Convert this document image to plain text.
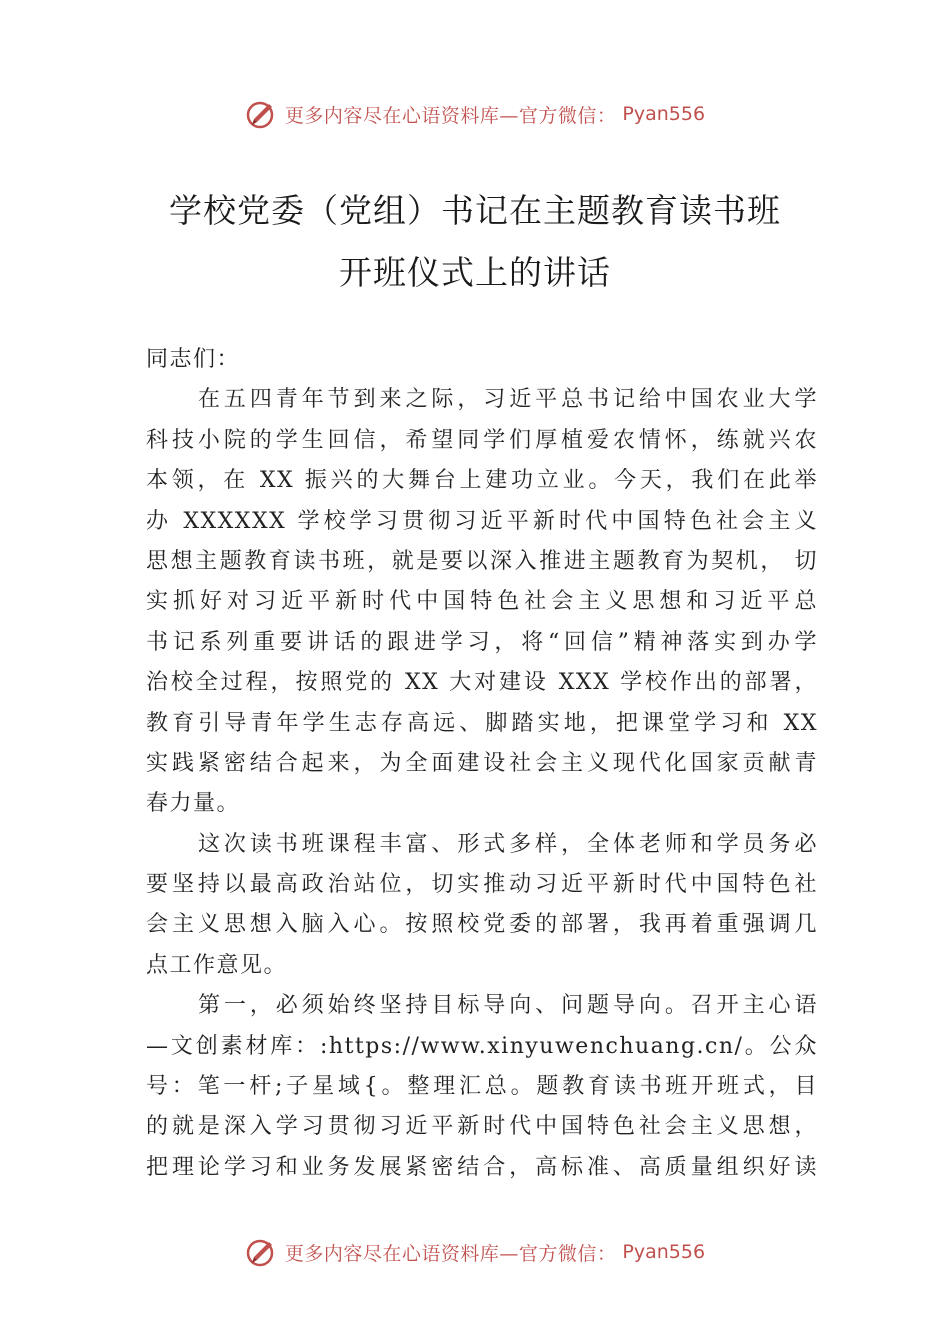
更多内容尽在心语资料库—官方微信： Pyan556
学校党委（党组）书记在主题教育读书班
开班仪式上的讲话
同志们：
在五四青年节到来之际，习近平总书记给中国农业大学
科技小院的学生回信，希望同学们厚植爱农情怀，练就兴农
本领，在 XX 振兴的大舞台上建功立业。今天，我们在此举
办 XXXXXX 学校学习贯彻习近平新时代中国特色社会主义
思想主题教育读书班，就是要以深入推进主题教育为契机， 切
实抓好对习近平新时代中国特色社会主义思想和习近平总
书记系列重要讲话的跟进学习，将“回信”精神落实到办学
治校全过程，按照党的 XX 大对建设 XXX 学校作出的部署，
教育引导青年学生志存高远、脚踏实地，把课堂学习和 XX
实践紧密结合起来，为全面建设社会主义现代化国家贡献青
春力量。
这次读书班课程丰富、形式多样，全体老师和学员务必
要坚持以最高政治站位，切实推动习近平新时代中国特色社
会主义思想入脑入心。按照校党委的部署，我再着重强调几
点工作意见。
第一，必须始终坚持目标导向、问题导向。召开主心语
—文创素材库：:https://www.xinyuwenchuang.cn/。公众
号：笔一杆;子星域{。整理汇总。题教育读书班开班式，目
的就是深入学习贯彻习近平新时代中国特色社会主义思想，
把理论学习和业务发展紧密结合，高标准、高质量组织好读
更多内容尽在心语资料库—官方微信： Pyan556
